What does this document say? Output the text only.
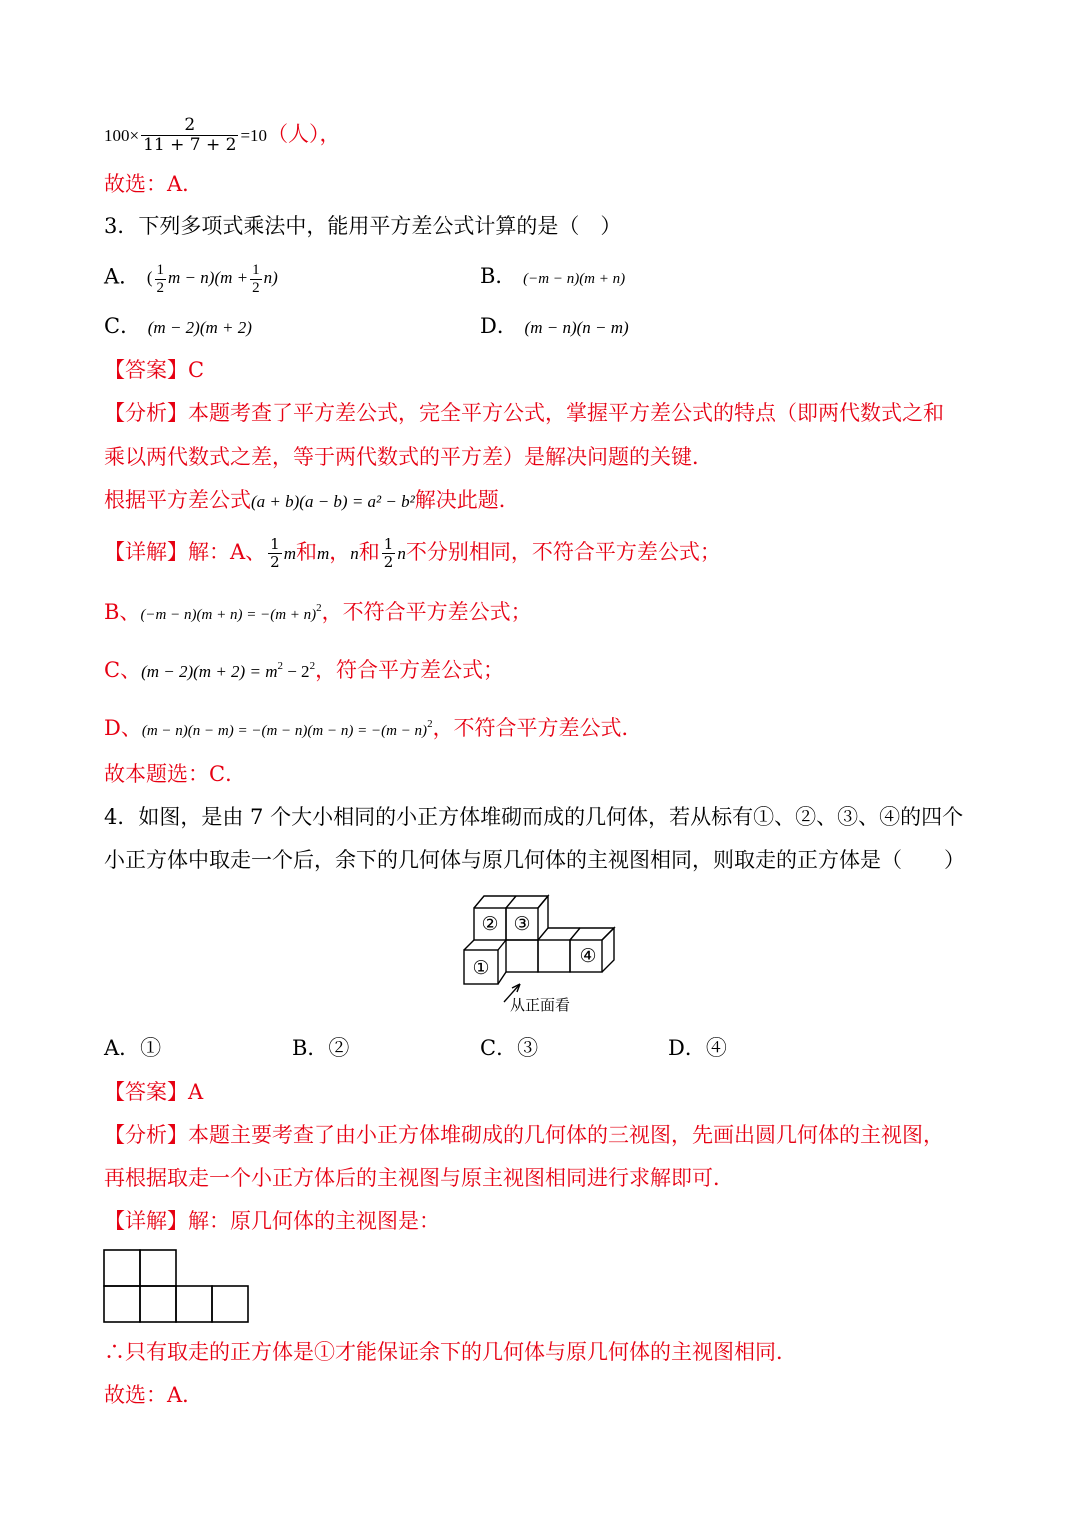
$100\times \frac{2}{11 + 7 + 2} =10$（人），
故选：A．
3．下列多项式乘法中，能用平方差公式计算的是（　）
A． ( $\frac{1}{2}$ $m - n)(m + \frac{1}{2} n)$	B． (−m − n)(m + n)
C． (m − 2)(m + 2)	D． (m − n)(n − m)
【答案】C
【分析】本题考查了平方差公式，完全平方公式，掌握平方差公式的特点（即两代数式之和
乘以两代数式之差，等于两代数式的平方差）是解决问题的关键．
根据平方差公式(a + b)(a − b) = a² − b²解决此题．
【详解】解：A、 $\frac{1}{2}$ m和m，n和 $\frac{1}{2}$ n不分别相同，不符合平方差公式；
B、$(-m - n)(m + n) = -(m + n)^2$，不符合平方差公式；
C、$(m - 2)(m + 2) = m^2 - 2^2$，符合平方差公式；
D、$(m - n)(n - m) = -(m - n)(m - n) = -(m - n)^2$，不符合平方差公式．
故本题选：C．
4．如图，是由 7 个大小相同的小正方体堆砌而成的几何体，若从标有①、②、③、④的四个
小正方体中取走一个后，余下的几何体与原几何体的主视图相同，则取走的正方体是（　　）
② ③
①
④
从正面看
A．①	B．②	C．③	D．④
【答案】A
【分析】本题主要考查了由小正方体堆砌成的几何体的三视图，先画出圆几何体的主视图，
再根据取走一个小正方体后的主视图与原主视图相同进行求解即可．
【详解】解：原几何体的主视图是：
∴只有取走的正方体是①才能保证余下的几何体与原几何体的主视图相同．
故选：A．
